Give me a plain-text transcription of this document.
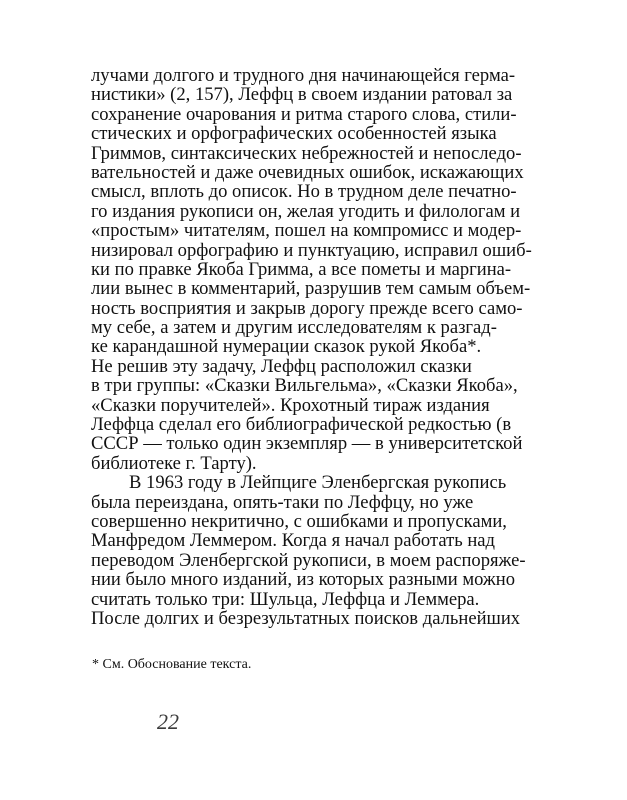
лучами долгого и трудного дня начинающейся герма-
нистики» (2, 157), Леффц в своем издании ратовал за
сохранение очарования и ритма старого слова, стили-
стических и орфографических особенностей языка
Гриммов, синтаксических небрежностей и непоследо-
вательностей и даже очевидных ошибок, искажающих
смысл, вплоть до описок. Но в трудном деле печатно-
го издания рукописи он, желая угодить и филологам и
«простым» читателям, пошел на компромисс и модер-
низировал орфографию и пунктуацию, исправил ошиб-
ки по правке Якоба Гримма, а все пометы и маргина-
лии вынес в комментарий, разрушив тем самым объем-
ность восприятия и закрыв дорогу прежде всего само-
му себе, а затем и другим исследователям к разгад-
ке карандашной нумерации сказок рукой Якоба*.
Не решив эту задачу, Леффц расположил сказки
в три группы: «Сказки Вильгельма», «Сказки Якоба»,
«Сказки поручителей». Крохотный тираж издания
Леффца сделал его библиографической редкостью (в
СССР — только один экземпляр — в университетской
библиотеке г. Тарту).
В 1963 году в Лейпциге Эленбергская рукопись
была переиздана, опять-таки по Леффцу, но уже
совершенно некритично, с ошибками и пропусками,
Манфредом Леммером. Когда я начал работать над
переводом Эленбергской рукописи, в моем распоряже-
нии было много изданий, из которых разными можно
считать только три: Шульца, Леффца и Леммера.
После долгих и безрезультатных поисков дальнейших
* См. Обоснование текста.
22
